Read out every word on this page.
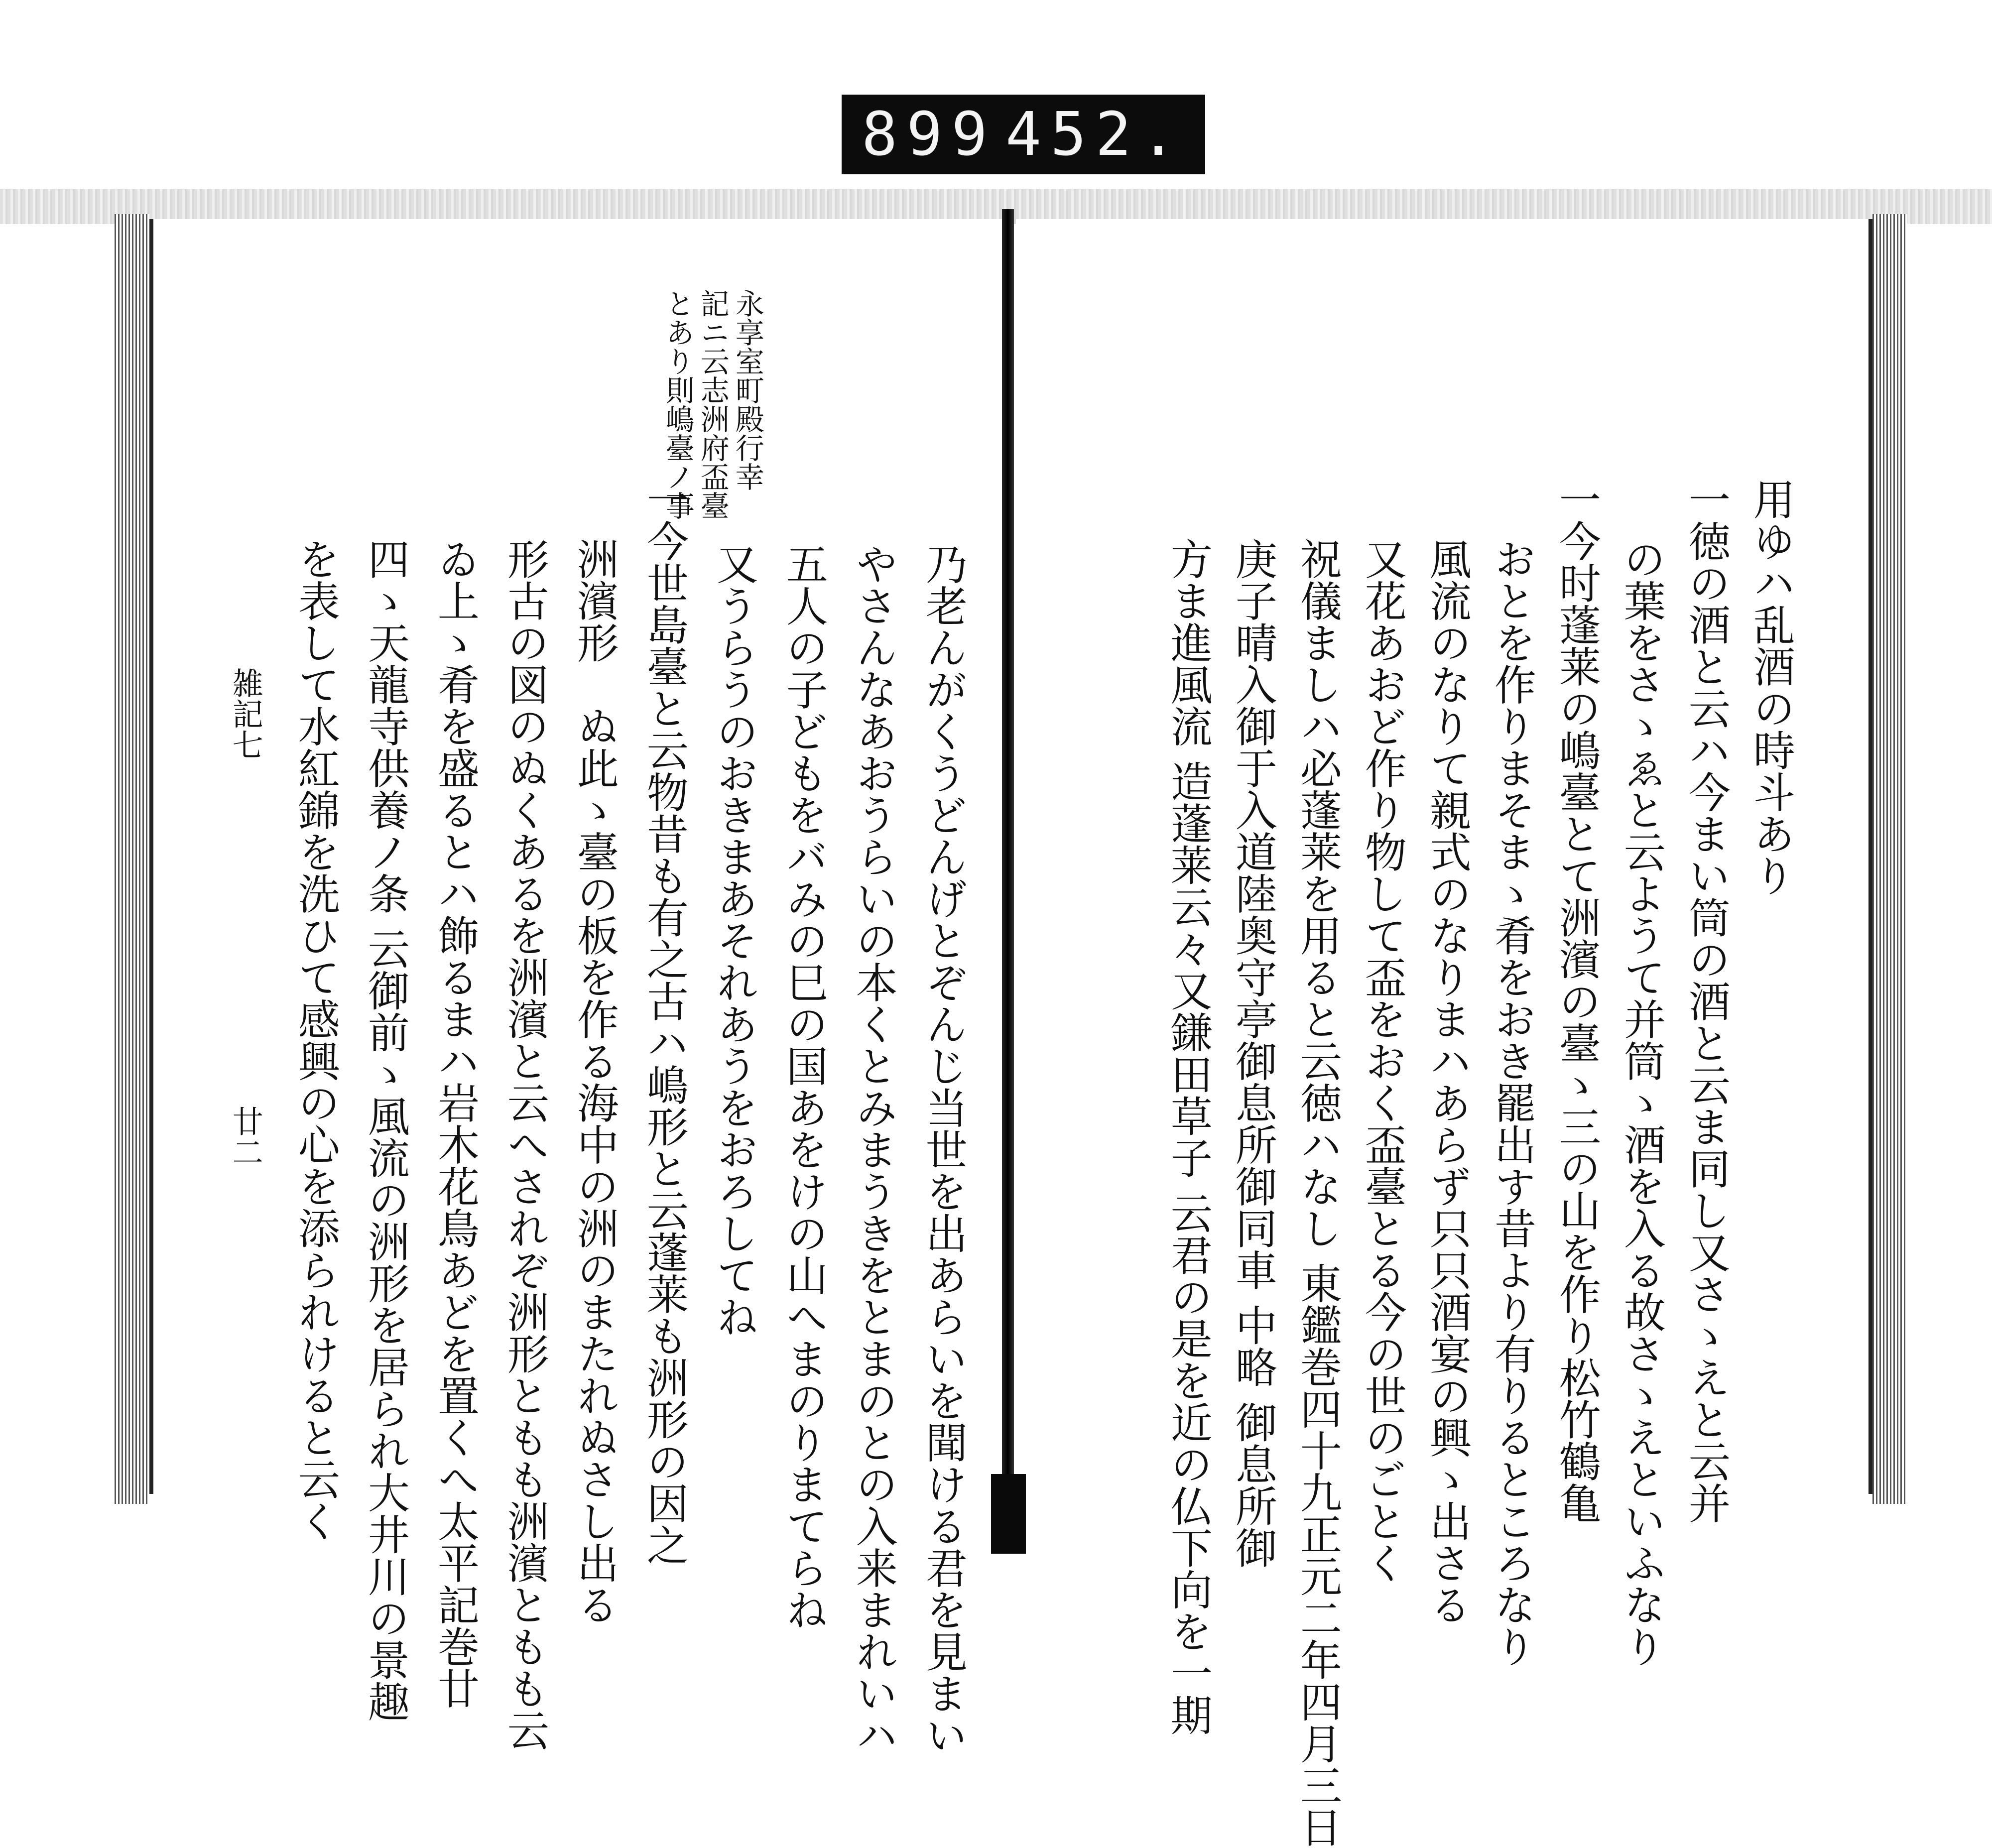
899 452.
永享室町殿行幸
記ニ云志洲府盃臺
とあり則嶋臺ノ事
乃老んがくうどんげとぞんじ当世を出あらいを聞ける君を見まい
やさんなあおうらいの本くとみまうきをとまのとの入来まれいハ
五人の子どもをバみの巳の国あをけの山へまのりまてらね
又うらうのおきまあそれあうをおろしてね
一今世島臺と云物昔も有之古ハ嶋形と云蓬莱も洲形の因之
洲濱形　ぬ此ゝ臺の板を作る海中の洲のまたれぬさし出る
形古の図のぬくあるを洲濱と云へされぞ洲形ともも洲濱ともも云
ゐ上ゝ肴を盛るとハ飾るまハ岩木花鳥あどを置くへ太平記巻廿
四ゝ天龍寺供養ノ条 云御前ゝ風流の洲形を居られ大井川の景趣
を表して水紅錦を洗ひて感興の心を添られけると云く
雑記七
廿二
用ゆハ乱酒の時斗あり
一徳の酒と云ハ今まい筒の酒と云ま同し又さゝえと云并
の葉をさゝゑと云ようて并筒ゝ酒を入る故さゝえといふなり
一今时蓬莱の嶋臺とて洲濱の臺ゝ三の山を作り松竹鶴亀
おとを作りまそまゝ肴をおき罷出す昔より有りるところなり
風流のなりて親式のなりまハあらず只只酒宴の興ゝ出さる
又花あおど作り物して盃をおく盃臺とる今の世のごとく
祝儀ましハ必蓬莱を用ると云徳ハなし 東鑑巻四十九正元二年四月三日
庚子晴入御于入道陸奥守亭御息所御同車 中略 御息所御
方ま進風流 造蓬莱云々又鎌田草子 云君の是を近の仏下向を一期
